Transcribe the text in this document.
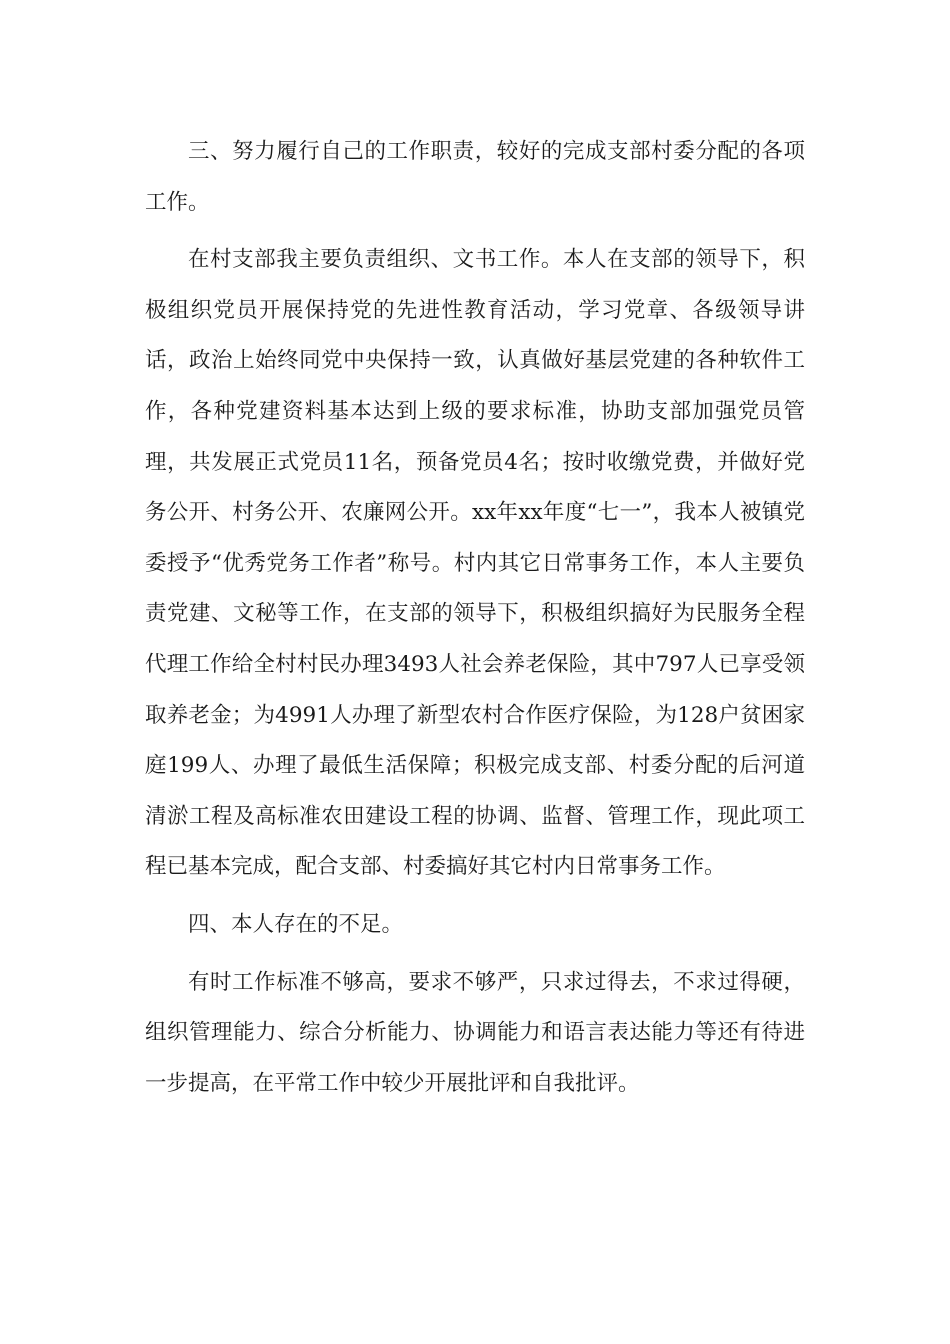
三、努力履行自己的工作职责，较好的完成支部村委分配的各项工作。

在村支部我主要负责组织、文书工作。本人在支部的领导下，积极组织党员开展保持党的先进性教育活动，学习党章、各级领导讲话，政治上始终同党中央保持一致，认真做好基层党建的各种软件工作，各种党建资料基本达到上级的要求标准，协助支部加强党员管理，共发展正式党员11名，预备党员4名；按时收缴党费，并做好党务公开、村务公开、农廉网公开。xx年xx年度“七一”，我本人被镇党委授予“优秀党务工作者”称号。村内其它日常事务工作，本人主要负责党建、文秘等工作，在支部的领导下，积极组织搞好为民服务全程代理工作给全村村民办理3493人社会养老保险，其中797人已享受领取养老金；为4991人办理了新型农村合作医疗保险，为128户贫困家庭199人、办理了最低生活保障；积极完成支部、村委分配的后河道清淤工程及高标准农田建设工程的协调、监督、管理工作，现此项工程已基本完成，配合支部、村委搞好其它村内日常事务工作。

四、本人存在的不足。

有时工作标准不够高，要求不够严，只求过得去，不求过得硬，组织管理能力、综合分析能力、协调能力和语言表达能力等还有待进一步提高，在平常工作中较少开展批评和自我批评。
